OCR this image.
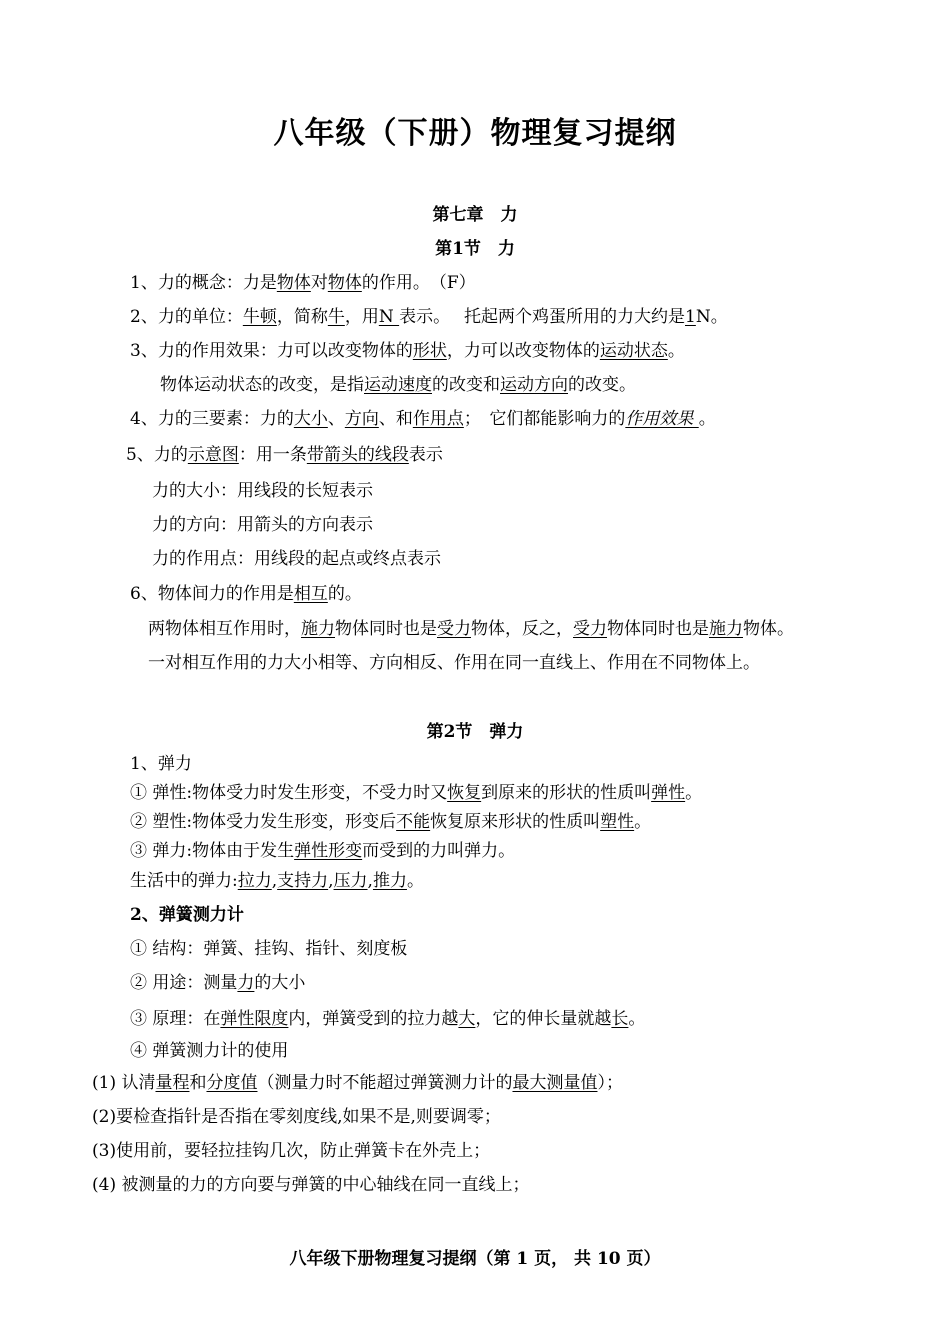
八年级（下册）物理复习提纲
第七章　力
第1节　力
1、力的概念：力是物体对物体的作用。　（F）
2、力的单位：牛顿，简称牛，用N 表示。　 托起两个鸡蛋所用的力大约是1N。
3、力的作用效果：力可以改变物体的形状，力可以改变物体的运动状态。
物体运动状态的改变，是指运动速度的改变和运动方向的改变。
4、力的三要素：力的大小、方向、和作用点；　它们都能影响力的作用效果 。
5、力的示意图：用一条带箭头的线段表示
力的大小：用线段的长短表示
力的方向：用箭头的方向表示
力的作用点：用线段的起点或终点表示
6、物体间力的作用是相互的。
两物体相互作用时，施力物体同时也是受力物体，反之，受力物体同时也是施力物体。
一对相互作用的力大小相等、方向相反、作用在同一直线上、作用在不同物体上。
第2节　弹力
1、弹力
① 弹性:物体受力时发生形变，不受力时又恢复到原来的形状的性质叫弹性。
② 塑性:物体受力发生形变，形变后不能恢复原来形状的性质叫塑性。
③ 弹力:物体由于发生弹性形变而受到的力叫弹力。
生活中的弹力:拉力,支持力,压力,推力。
2、弹簧测力计
① 结构：弹簧、挂钩、指针、刻度板
② 用途：测量力的大小
③ 原理：在弹性限度内，弹簧受到的拉力越大，它的伸长量就越长。
④ 弹簧测力计的使用
(1) 认清量程和分度值（测量力时不能超过弹簧测力计的最大测量值）；
(2)要检查指针是否指在零刻度线,如果不是,则要调零；
(3)使用前，要轻拉挂钩几次，防止弹簧卡在外壳上；
(4) 被测量的力的方向要与弹簧的中心轴线在同一直线上；
八年级下册物理复习提纲（第 1 页， 共 10 页）
